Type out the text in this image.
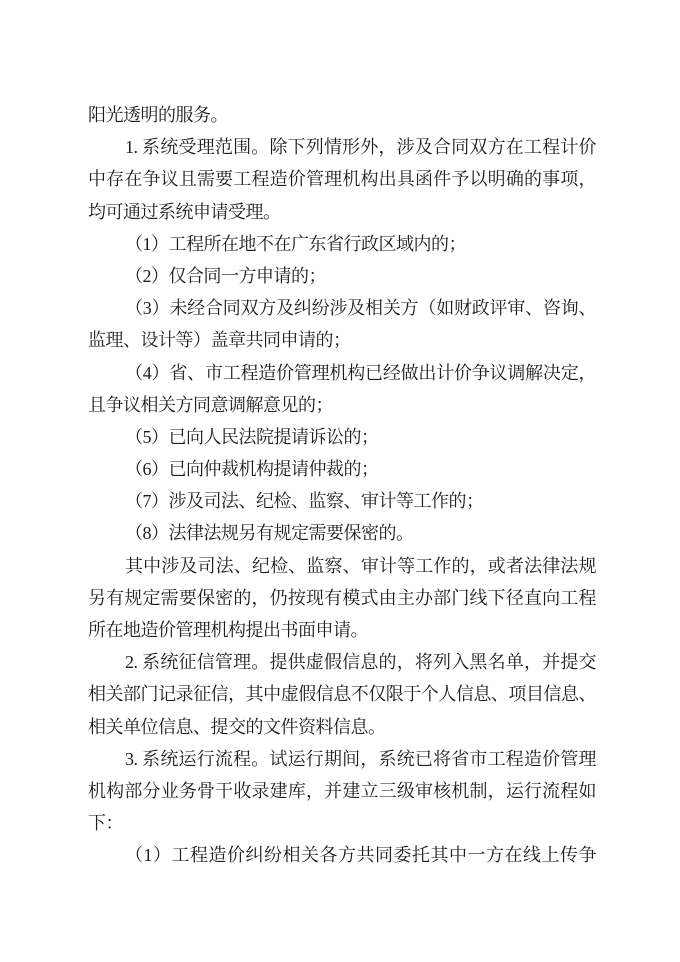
阳光透明的服务。

1. 系统受理范围。除下列情形外，涉及合同双方在工程计价
中存在争议且需要工程造价管理机构出具函件予以明确的事项，
均可通过系统申请受理。

（1）工程所在地不在广东省行政区域内的；

（2）仅合同一方申请的；

（3）未经合同双方及纠纷涉及相关方（如财政评审、咨询、
监理、设计等）盖章共同申请的；

（4）省、市工程造价管理机构已经做出计价争议调解决定，
且争议相关方同意调解意见的；

（5）已向人民法院提请诉讼的；

（6）已向仲裁机构提请仲裁的；

（7）涉及司法、纪检、监察、审计等工作的；

（8）法律法规另有规定需要保密的。

其中涉及司法、纪检、监察、审计等工作的，或者法律法规
另有规定需要保密的，仍按现有模式由主办部门线下径直向工程
所在地造价管理机构提出书面申请。

2. 系统征信管理。提供虚假信息的，将列入黑名单，并提交
相关部门记录征信，其中虚假信息不仅限于个人信息、项目信息、
相关单位信息、提交的文件资料信息。

3. 系统运行流程。试运行期间，系统已将省市工程造价管理
机构部分业务骨干收录建库，并建立三级审核机制，运行流程如
下：

（1）工程造价纠纷相关各方共同委托其中一方在线上传争
